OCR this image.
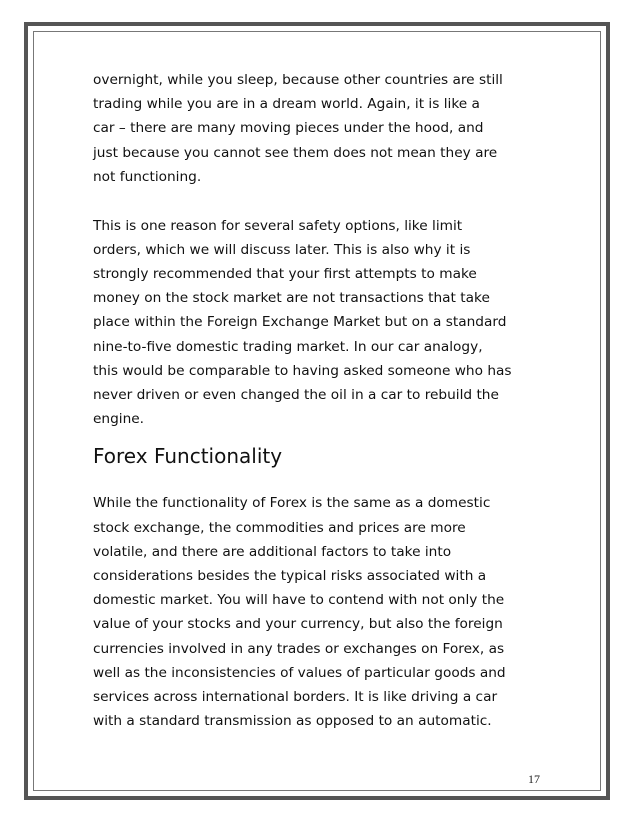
overnight, while you sleep, because other countries are still
trading while you are in a dream world. Again, it is like a
car – there are many moving pieces under the hood, and
just because you cannot see them does not mean they are
not functioning.

This is one reason for several safety options, like limit
orders, which we will discuss later. This is also why it is
strongly recommended that your first attempts to make
money on the stock market are not transactions that take
place within the Foreign Exchange Market but on a standard
nine-to-five domestic trading market. In our car analogy,
this would be comparable to having asked someone who has
never driven or even changed the oil in a car to rebuild the
engine.

Forex Functionality

While the functionality of Forex is the same as a domestic
stock exchange, the commodities and prices are more
volatile, and there are additional factors to take into
considerations besides the typical risks associated with a
domestic market. You will have to contend with not only the
value of your stocks and your currency, but also the foreign
currencies involved in any trades or exchanges on Forex, as
well as the inconsistencies of values of particular goods and
services across international borders. It is like driving a car
with a standard transmission as opposed to an automatic.

17
